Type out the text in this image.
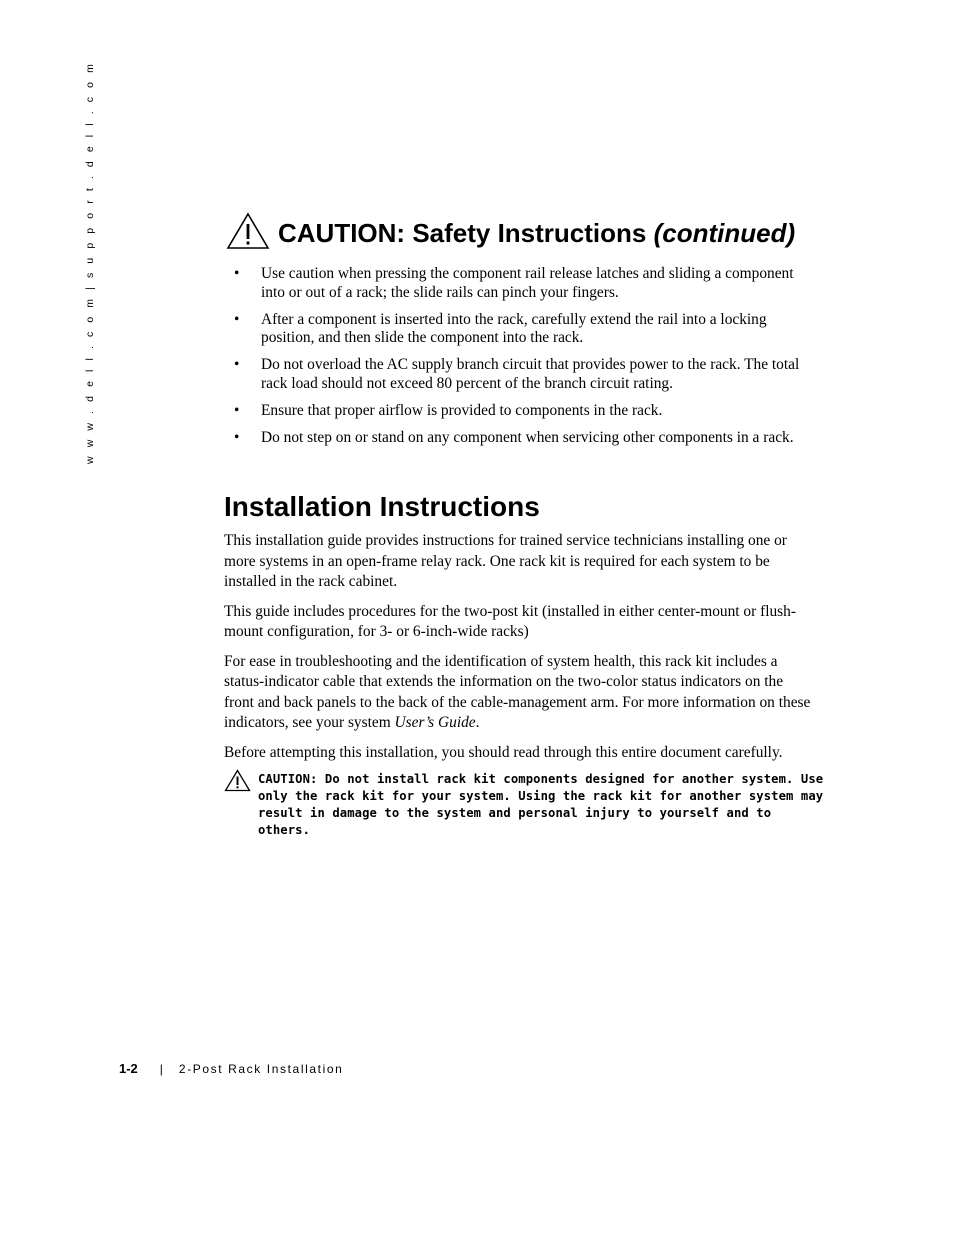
w w w . d e l l . c o m | s u p p o r t . d e l l . c o m	CAUTION: Safety Instructions (continued)
• Use caution when pressing the component rail release latches and sliding a component into or out of a rack; the slide rails can pinch your fingers.
• After a component is inserted into the rack, carefully extend the rail into a locking position, and then slide the component into the rack.
• Do not overload the AC supply branch circuit that provides power to the rack. The total rack load should not exceed 80 percent of the branch circuit rating.
• Ensure that proper airflow is provided to components in the rack.
• Do not step on or stand on any component when servicing other components in a rack.
Installation Instructions

This installation guide provides instructions for trained service technicians installing one or more systems in an open-frame relay rack. One rack kit is required for each system to be installed in the rack cabinet.

This guide includes procedures for the two-post kit (installed in either center-mount or flush-mount configuration, for 3- or 6-inch-wide racks)

For ease in troubleshooting and the identification of system health, this rack kit includes a status-indicator cable that extends the information on the two-color status indicators on the front and back panels to the back of the cable-management arm. For more information on these indicators, see your system User’s Guide.

Before attempting this installation, you should read through this entire document carefully.

CAUTION: Do not install rack kit components designed for another system. Use only the rack kit for your system. Using the rack kit for another system may result in damage to the system and personal injury to yourself and to others.
1-2 | 2-Post Rack Installation
